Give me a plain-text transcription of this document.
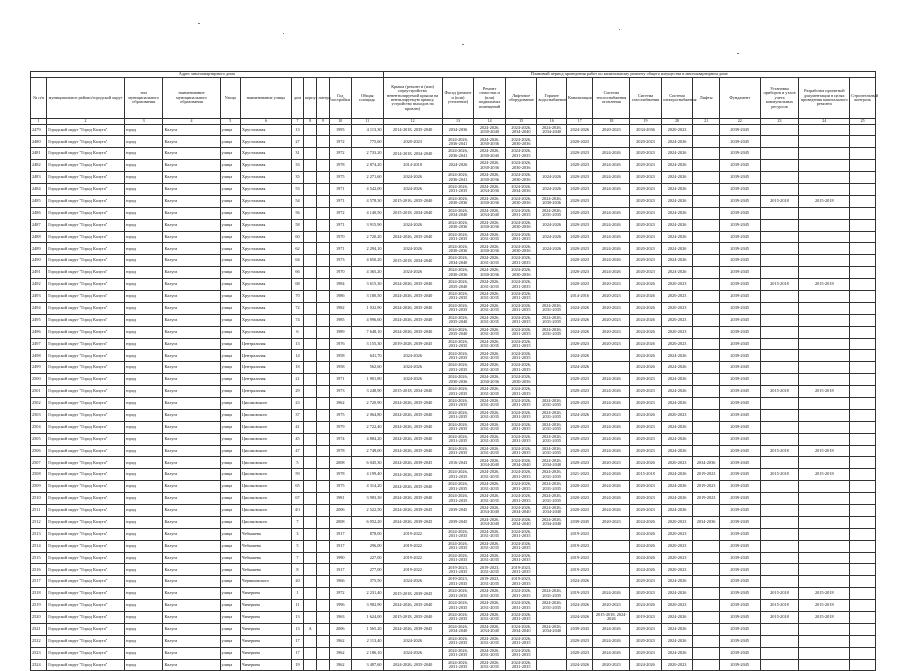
Адрес многоквартирного дома											Плановый период проведения работ по капитальному ремонту общего имущества в многоквартирном доме													
№ п/п	муниципальное районо/городской округ	тип муниципального образования	наименование муниципального образования	Улица	наименование улицы	дом	корпус	литера	Год постройки	Общая площадь	Крыша (ремонт и (или) переустройство невентилируемой крыши на вентилируемую крышу, устройство выходов на кровлю)	Фасад (ремонт и (или) утепление)	Ремонт отмостки и (или) подвальных помещений	Лифтовое оборудование	Горячее водоснабжение	Канализация	Система теплоснабжения отопления	Система газоснабжения	Система электроснабжения	Лифты	Фундамент	Установка приборов и узлов учета коммунальных ресурсов	Разработка проектной документации в целях проведения капитального ремонта	Строительный контроль
1	2	3	4	5	6	7	8	9	10	11	12	13	14	15	16	17	18	19	20	21	22	23	24	25
2479	Городской округ "Город Калуга"	город	Калуга	улица	Хрустальная	13			1995	4 113,30	2014-2018, 2035-2040	2034-2036	2024-2026, 2030-2040	2024-2026, 2034-2040	2024-2026, 2034-2040	2024-2026	2020-2023	2034-2036	2020-2023		2039-2045			
2480	Городской округ "Город Калуга"	город	Калуга	улица	Хрустальная	27			1972	775,60	2020-2023	2024-2026, 2036-2041	2024-2026, 2030-2036	2024-2026, 2030-2036		2020-2023		2020-2023	2024-2026		2039-2045			
2481	Городской округ "Город Калуга"	город	Калуга	улица	Хрустальная	31			1972	2 733,20	2014-2018, 2034-2040	2024-2026, 2036-2041	2024-2026, 2030-2040	2024-2026, 2031-2035		2020-2023	2024-2026	2020-2023	2024-2026		2039-2045			
2482	Городской округ "Город Калуга"	город	Калуга	улица	Хрустальная	33			1978	2 874,20	2014-2018	2024-2026	2024-2026, 2030-2036	2024-2026, 2030-2036		2020-2023	2024-2026	2020-2023	2024-2026		2039-2045			
2483	Городской округ "Город Калуга"	город	Калуга	улица	Хрустальная	35			1975	2 271,60	2024-2026	2024-2026, 2036-2041	2024-2026, 2030-2036	2024-2026, 2030-2036	2024-2026	2020-2023	2024-2026	2020-2023	2024-2026		2039-2045			
2484	Городской округ "Город Калуга"	город	Калуга	улица	Хрустальная	53			1971	4 542,00	2024-2026	2024-2026, 2031-2035	2024-2026, 2034-2036	2024-2026, 2034-2036	2024-2026	2020-2023	2024-2026	2020-2023	2024-2026		2039-2045			
2485	Городской округ "Город Калуга"	город	Калуга	улица	Хрустальная	54			1971	4 578,30	2015-2016, 2035-2040	2024-2026, 2030-2036	2024-2026, 2030-2036	2024-2026, 2030-2036	2024-2026, 2030-2036	2020-2023		2020-2023	2024-2026		2039-2045	2015-2018	2015-2018	
2486	Городской округ "Город Калуга"	город	Калуга	улица	Хрустальная	56			1972	4 140,50	2015-2018, 2034-2040	2024-2026, 2034-2040	2024-2026, 2034-2040	2024-2026, 2031-2035	2024-2026, 2031-2035	2020-2023	2024-2026	2020-2023	2024-2026		2039-2045			
2487	Городской округ "Город Калуга"	город	Калуга	улица	Хрустальная	58			1971	3 915,90	2024-2026	2024-2026, 2030-2036	2024-2026, 2030-2036	2024-2026, 2030-2036	2024-2026	2020-2023	2024-2026	2020-2023	2024-2026		2039-2045			
2488	Городской округ "Город Калуга"	город	Калуга	улица	Хрустальная	60			1970	2 720,20	2024-2026, 2035-2040	2024-2026, 2031-2035	2024-2026, 2031-2035	2024-2026, 2031-2035	2024-2026	2020-2023	2024-2026	2020-2023	2024-2026		2039-2045			
2489	Городской округ "Город Калуга"	город	Калуга	улица	Хрустальная	62			1971	2 294,10	2024-2026	2024-2026, 2030-2036	2024-2026, 2030-2036	2024-2026, 2030-2036	2024-2026	2020-2023	2024-2026	2020-2023	2024-2026		2039-2045			
2490	Городской округ "Город Калуга"	город	Калуга	улица	Хрустальная	64			1973	4 650,20	2015-2018, 2034-2040	2024-2026, 2034-2040	2024-2026, 2031-2035	2024-2026, 2031-2035		2020-2023	2024-2026	2020-2023	2024-2026		2039-2045			
2491	Городской округ "Город Калуга"	город	Калуга	улица	Хрустальная	66			1970	4 365,20	2024-2026	2024-2026, 2030-2036	2024-2026, 2030-2036	2024-2026, 2030-2036		2020-2023	2024-2026	2020-2023	2024-2026		2039-2045			
2492	Городской округ "Город Калуга"	город	Калуга	улица	Хрустальная	68			1984	3 615,30	2024-2026, 2035-2040	2024-2026, 2035-2040	2024-2026, 2031-2035	2024-2026, 2031-2035		2020-2023	2020-2023	2024-2026	2020-2023		2039-2045	2015-2018	2015-2018	
2493	Городской округ "Город Калуга"	город	Калуга	улица	Хрустальная	70			1986	3 180,50	2024-2026, 2035-2040	2024-2026, 2031-2035	2024-2026, 2031-2035	2024-2026, 2031-2035		2014-2016	2020-2023	2024-2026	2020-2023		2039-2045			
2494	Городской округ "Город Калуга"	город	Калуга	улица	Хрустальная	72			1982	1 032,90	2024-2026, 2035-2040	2024-2026, 2031-2035	2024-2026, 2031-2035	2024-2026, 2031-2035	2024-2026, 2031-2035	2024-2026	2020-2023	2024-2026	2020-2023		2039-2045			
2495	Городской округ "Город Калуга"	город	Калуга	улица	Хрустальная	74			1985	4 996,60	2024-2026, 2035-2040	2024-2026, 2035-2040	2024-2026, 2031-2035	2024-2026, 2031-2035	2024-2026, 2031-2035	2024-2026	2020-2023	2024-2026	2020-2023		2039-2045			
2496	Городской округ "Город Калуга"	город	Калуга	улица	Хрустальная	6			1989	7 648,10	2024-2026, 2035-2040	2024-2026, 2035-2040	2024-2026, 2031-2035	2024-2026, 2031-2035	2024-2026, 2031-2035	2024-2026	2020-2023	2024-2026	2020-2023		2039-2045			
2497	Городской округ "Город Калуга"	город	Калуга	улица	Центральная	13			1976	3 155,30	2019-2028, 2039-2045	2024-2026, 2031-2035	2024-2026, 2031-2035	2024-2026, 2031-2035		2020-2023	2020-2023	2024-2026	2020-2023		2039-2045			
2498	Городской округ "Город Калуга"	город	Калуга	улица	Центральная	14			1958	641,70	2024-2026	2024-2026, 2031-2035	2024-2026, 2031-2035	2024-2026, 2031-2035		2024-2026		2024-2026	2024-2026		2039-2045			
2499	Городской округ "Город Калуга"	город	Калуга	улица	Центральная	18			1958	562,60	2024-2026	2024-2026, 2031-2035	2024-2026, 2031-2035	2024-2026, 2031-2035		2024-2026		2024-2026	2024-2026		2039-2045			
2500	Городской округ "Город Калуга"	город	Калуга	улица	Центральная	21			1971	1 901,80	2024-2026	2024-2026, 2030-2036	2024-2026, 2030-2036	2024-2026, 2030-2036		2020-2023	2024-2026	2020-2023	2024-2026		2039-2045			
2501	Городской округ "Город Калуга"	город	Калуга	улица	Центральная	29			1973	3 248,90	2015-2018, 2034-2040	2024-2026, 2031-2035	2024-2026, 2031-2035	2024-2026, 2031-2035		2020-2023	2024-2026	2020-2023	2024-2026		2039-2045	2015-2018	2015-2018	
2502	Городской округ "Город Калуга"	город	Калуга	улица	Циолковского	23			1962	2 720,90	2024-2026, 2035-2040	2024-2026, 2031-2035	2024-2026, 2031-2035	2024-2026, 2031-2035	2024-2026, 2031-2035	2020-2023	2024-2026	2020-2023	2024-2026		2039-2045			
2503	Городской округ "Город Калуга"	город	Калуга	улица	Циолковского	37			1975	2 064,80	2024-2026, 2035-2040	2024-2026, 2031-2035	2024-2026, 2031-2035	2024-2026, 2031-2035	2024-2026, 2031-2035	2024-2026	2020-2023	2024-2026	2020-2023		2039-2045			
2504	Городской округ "Город Калуга"	город	Калуга	улица	Циолковского	41			1979	2 722,40	2024-2026, 2035-2040	2024-2026, 2031-2035	2024-2026, 2031-2035	2024-2026, 2031-2035	2024-2026, 2031-2035	2020-2023	2024-2026	2020-2023	2024-2026		2039-2045			
2505	Городской округ "Город Калуга"	город	Калуга	улица	Циолковского	45			1974	4 884,20	2024-2026, 2035-2040	2024-2026, 2031-2035	2024-2026, 2031-2035	2024-2026, 2031-2035	2024-2026, 2031-2035	2020-2023	2024-2026	2020-2023	2024-2026		2039-2045			
2506	Городской округ "Город Калуга"	город	Калуга	улица	Циолковского	47			1978	2 748,00	2024-2026, 2035-2040	2024-2026, 2031-2035	2024-2026, 2031-2035	2024-2026, 2031-2035	2024-2026, 2031-2035	2020-2023	2024-2026	2020-2023	2024-2026		2039-2045	2015-2018	2015-2018	
2507	Городской округ "Город Калуга"	город	Калуга	улица	Циолковского	5			2008	6 045,30	2024-2026, 2039-2045	2016-2043	2024-2026, 2034-2040	2024-2026, 2034-2040	2024-2026, 2034-2040	2020-2023	2020-2023	2024-2026	2020-2023	2034-2036	2039-2045			
2508	Городской округ "Город Калуга"	город	Калуга	улица	Циолковского	59			1978	4 199,40	2024-2026, 2035-2040	2024-2026, 2031-2035	2024-2026, 2031-2035	2024-2026, 2031-2035	2024-2026, 2031-2035	2021-2023	2024-2026	2015-2018	2024-2026	2019-2023	2039-2045	2015-2018	2015-2018	
2509	Городской округ "Город Калуга"	город	Калуга	улица	Циолковского	65			1975	4 314,20	2024-2026, 2035-2040	2024-2026, 2031-2035	2024-2026, 2031-2035	2024-2026, 2031-2035	2024-2026, 2031-2035	2020-2023	2024-2026	2020-2023	2024-2026	2019-2023	2039-2045			
2510	Городской округ "Город Калуга"	город	Калуга	улица	Циолковского	67			1981	3 983,30	2024-2026, 2035-2040	2024-2026, 2031-2035	2024-2026, 2031-2035	2024-2026, 2031-2035	2024-2026, 2031-2035	2020-2023	2024-2026	2020-2023	2024-2026	2019-2023	2039-2045			
2511	Городской округ "Город Калуга"	город	Калуга	улица	Циолковского	4/1			2006	2 522,50	2024-2026, 2039-2045	2039-2045	2024-2026, 2034-2040	2024-2026, 2034-2040	2024-2026, 2034-2040	2020-2023	2024-2026	2020-2023	2024-2026		2039-2045			
2512	Городской округ "Город Калуга"	город	Калуга	улица	Циолковского	7			2008	6 052,20	2024-2026, 2039-2045	2039-2045	2024-2026, 2034-2040	2024-2026, 2034-2040	2024-2026, 2034-2040	2039-2045	2020-2023	2024-2026	2020-2023	2034-2036	2039-2045			
2513	Городской округ "Город Калуга"	город	Калуга	улица	Чебышева	3			1917	878,00	2019-2022	2024-2026, 2031-2035	2024-2026, 2031-2035	2024-2026, 2031-2035		2019-2023		2024-2026	2020-2023		2039-2045			
2514	Городской округ "Город Калуга"	город	Калуга	улица	Чебышева	5			1917	296,00	2019-2022	2024-2026, 2031-2035	2024-2026, 2031-2035	2024-2026, 2031-2035		2019-2023		2024-2026	2020-2023		2039-2045			
2515	Городской округ "Город Калуга"	город	Калуга	улица	Чебышева	7			1990	227,00	2019-2022	2024-2026, 2031-2035	2024-2026, 2031-2035	2024-2026, 2031-2035		2019-2023		2024-2026	2020-2023		2039-2045			
2516	Городской округ "Город Калуга"	город	Калуга	улица	Чебышева	8			1917	277,00	2019-2022	2019-2023, 2031-2035	2019-2023, 2031-2035	2019-2023, 2031-2035		2019-2023		2024-2026	2020-2023		2039-2045			
2517	Городской округ "Город Калуга"	город	Калуга	улица	Черняховского	20			1966	375,50	2024-2026	2019-2023, 2031-2035	2019-2023, 2031-2035	2019-2023, 2031-2035		2024-2026		2020-2023	2024-2026		2039-2045			
2518	Городской округ "Город Калуга"	город	Калуга	улица	Чичерина	1			1972	2 231,40	2015-2018, 2039-2045	2024-2026, 2031-2035	2024-2026, 2031-2035	2024-2026, 2031-2035	2024-2026, 2031-2035	2019-2023	2024-2026	2020-2023	2024-2026		2039-2045	2015-2018	2015-2018	
2519	Городской округ "Город Калуга"	город	Калуга	улица	Чичерина	11			1996	3 982,90	2024-2026, 2035-2040	2024-2026, 2031-2035	2024-2026, 2031-2035	2024-2026, 2031-2035	2024-2026, 2031-2035	2024-2026	2020-2023	2024-2026	2020-2023		2039-2045	2015-2018	2015-2018	
2520	Городской округ "Город Калуга"	город	Калуга	улица	Чичерина	13			1963	1 624,00	2015-2018, 2035-2040	2024-2026, 2031-2035	2024-2026, 2031-2035	2024-2026, 2031-2035		2024-2026	2015-2018, 2024-2026	2019-2023	2024-2026		2039-2045	2015-2018	2015-2018	
2521	Городской округ "Город Калуга"	город	Калуга	улица	Чичерина	13	А		2006	1 565,20	2024-2026, 2039-2045	2024-2026, 2034-2040	2024-2026, 2034-2040	2024-2026, 2034-2040	2024-2026, 2034-2040	2039-2043	2024-2026	2020-2023	2024-2026		2039-2045			
2522	Городской округ "Город Калуга"	город	Калуга	улица	Чичерина	17			1962	2 113,40	2024-2026	2024-2026, 2031-2035	2024-2026, 2031-2035	2024-2026, 2031-2035		2020-2023	2024-2026	2020-2023	2024-2026		2039-2045			
2523	Городской округ "Город Калуга"	город	Калуга	улица	Чичерина	17			1962	2 186,10	2024-2026	2024-2026, 2031-2035	2024-2026, 2031-2035	2024-2026, 2031-2035		2020-2023	2024-2026	2020-2023	2024-2026		2039-2045			
2524	Городской округ "Город Калуга"	город	Калуга	улица	Чичерина	19			1962	3 487,60	2024-2026, 2035-2040	2024-2026, 2031-2035	2024-2026, 2031-2035	2024-2026, 2031-2035		2024-2026	2020-2023	2024-2026	2020-2023		2039-2045			
